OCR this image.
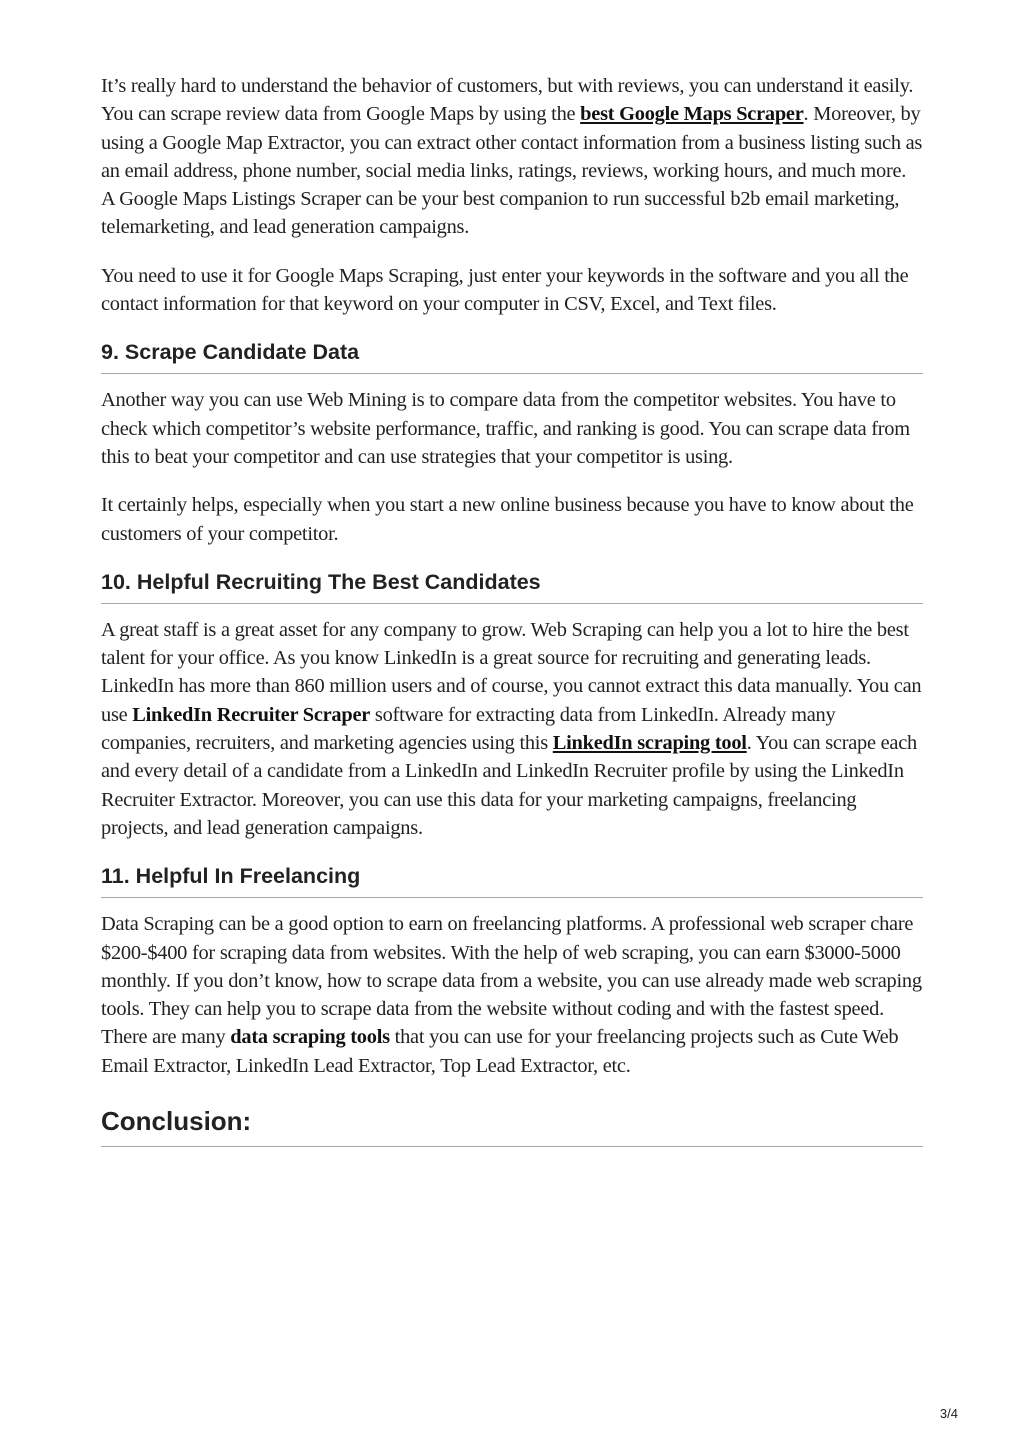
It’s really hard to understand the behavior of customers, but with reviews, you can understand it easily. You can scrape review data from Google Maps by using the best Google Maps Scraper. Moreover, by using a Google Map Extractor, you can extract other contact information from a business listing such as an email address, phone number, social media links, ratings, reviews, working hours, and much more. A Google Maps Listings Scraper can be your best companion to run successful b2b email marketing, telemarketing, and lead generation campaigns.

You need to use it for Google Maps Scraping, just enter your keywords in the software and you all the contact information for that keyword on your computer in CSV, Excel, and Text files.

9. Scrape Candidate Data

Another way you can use Web Mining is to compare data from the competitor websites. You have to check which competitor’s website performance, traffic, and ranking is good. You can scrape data from this to beat your competitor and can use strategies that your competitor is using.

It certainly helps, especially when you start a new online business because you have to know about the customers of your competitor.

10. Helpful Recruiting The Best Candidates

A great staff is a great asset for any company to grow. Web Scraping can help you a lot to hire the best talent for your office. As you know LinkedIn is a great source for recruiting and generating leads. LinkedIn has more than 860 million users and of course, you cannot extract this data manually. You can use LinkedIn Recruiter Scraper software for extracting data from LinkedIn. Already many companies, recruiters, and marketing agencies using this LinkedIn scraping tool. You can scrape each and every detail of a candidate from a LinkedIn and LinkedIn Recruiter profile by using the LinkedIn Recruiter Extractor. Moreover, you can use this data for your marketing campaigns, freelancing projects, and lead generation campaigns.

11. Helpful In Freelancing

Data Scraping can be a good option to earn on freelancing platforms. A professional web scraper chare $200-$400 for scraping data from websites. With the help of web scraping, you can earn $3000-5000 monthly. If you don’t know, how to scrape data from a website, you can use already made web scraping tools. They can help you to scrape data from the website without coding and with the fastest speed. There are many data scraping tools that you can use for your freelancing projects such as Cute Web Email Extractor, LinkedIn Lead Extractor, Top Lead Extractor, etc.

Conclusion:
3/4
